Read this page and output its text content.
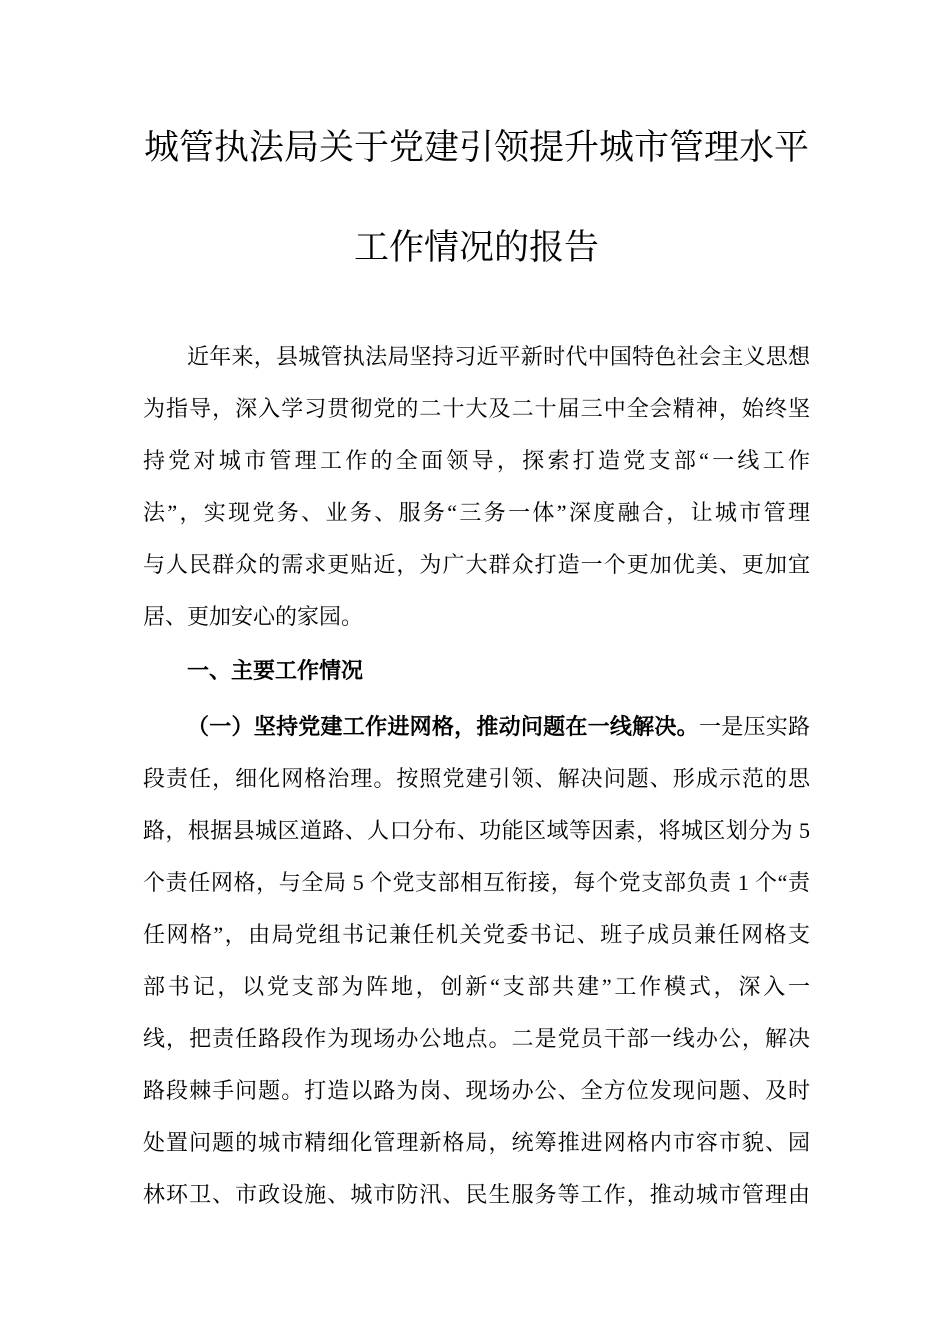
城管执法局关于党建引领提升城市管理水平
工作情况的报告
近年来，县城管执法局坚持习近平新时代中国特色社会主义思想
为指导，深入学习贯彻党的二十大及二十届三中全会精神，始终坚
持党对城市管理工作的全面领导，探索打造党支部“一线工作
法”，实现党务、业务、服务“三务一体”深度融合，让城市管理
与人民群众的需求更贴近，为广大群众打造一个更加优美、更加宜
居、更加安心的家园。
一、主要工作情况
（一）坚持党建工作进网格，推动问题在一线解决。一是压实路
段责任，细化网格治理。按照党建引领、解决问题、形成示范的思
路，根据县城区道路、人口分布、功能区域等因素，将城区划分为 5
个责任网格，与全局 5 个党支部相互衔接，每个党支部负责 1 个“责
任网格”，由局党组书记兼任机关党委书记、班子成员兼任网格支
部书记，以党支部为阵地，创新“支部共建”工作模式，深入一
线，把责任路段作为现场办公地点。二是党员干部一线办公，解决
路段棘手问题。打造以路为岗、现场办公、全方位发现问题、及时
处置问题的城市精细化管理新格局，统筹推进网格内市容市貌、园
林环卫、市政设施、城市防汛、民生服务等工作，推动城市管理由
